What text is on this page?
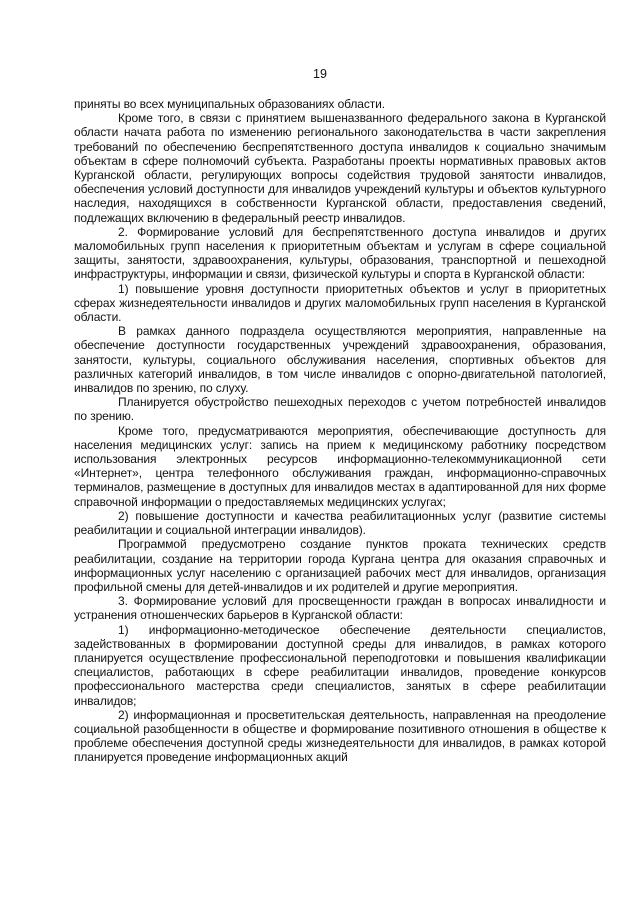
19

приняты во всех муниципальных образованиях области.

Кроме того, в связи с принятием вышеназванного федерального закона в Курганской области начата работа по изменению регионального законодательства в части закрепления требований по обеспечению беспрепятственного доступа инвалидов к социально значимым объектам в сфере полномочий субъекта. Разработаны проекты нормативных правовых актов Курганской области, регулирующих вопросы содействия трудовой занятости инвалидов, обеспечения условий доступности для инвалидов учреждений культуры и объектов культурного наследия, находящихся в собственности Курганской области, предоставления сведений, подлежащих включению в федеральный реестр инвалидов.

2. Формирование условий для беспрепятственного доступа инвалидов и других маломобильных групп населения к приоритетным объектам и услугам в сфере социальной защиты, занятости, здравоохранения, культуры, образования, транспортной и пешеходной инфраструктуры, информации и связи, физической культуры и спорта в Курганской области:

1) повышение уровня доступности приоритетных объектов и услуг в приоритетных сферах жизнедеятельности инвалидов и других маломобильных групп населения в Курганской области.

В рамках данного подраздела осуществляются мероприятия, направленные на обеспечение доступности государственных учреждений здравоохранения, образования, занятости, культуры, социального обслуживания населения, спортивных объектов для различных категорий инвалидов, в том числе инвалидов с опорно-двигательной патологией, инвалидов по зрению, по слуху.

Планируется обустройство пешеходных переходов с учетом потребностей инвалидов по зрению.

Кроме того, предусматриваются мероприятия, обеспечивающие доступность для населения медицинских услуг: запись на прием к медицинскому работнику посредством использования электронных ресурсов информационно-телекоммуникационной сети «Интернет», центра телефонного обслуживания граждан, информационно-справочных терминалов, размещение в доступных для инвалидов местах в адаптированной для них форме справочной информации о предоставляемых медицинских услугах;

2) повышение доступности и качества реабилитационных услуг (развитие системы реабилитации и социальной интеграции инвалидов).

Программой предусмотрено создание пунктов проката технических средств реабилитации, создание на территории города Кургана центра для оказания справочных и информационных услуг населению с организацией рабочих мест для инвалидов, организация профильной смены для детей-инвалидов и их родителей и другие мероприятия.

3. Формирование условий для просвещенности граждан в вопросах инвалидности и устранения отношенческих барьеров в Курганской области:

1) информационно-методическое обеспечение деятельности специалистов, задействованных в формировании доступной среды для инвалидов, в рамках которого планируется осуществление профессиональной переподготовки и повышения квалификации специалистов, работающих в сфере реабилитации инвалидов, проведение конкурсов профессионального мастерства среди специалистов, занятых в сфере реабилитации инвалидов;

2) информационная и просветительская деятельность, направленная на преодоление социальной разобщенности в обществе и формирование позитивного отношения в обществе к проблеме обеспечения доступной среды жизнедеятельности для инвалидов, в рамках которой планируется проведение информационных акций
